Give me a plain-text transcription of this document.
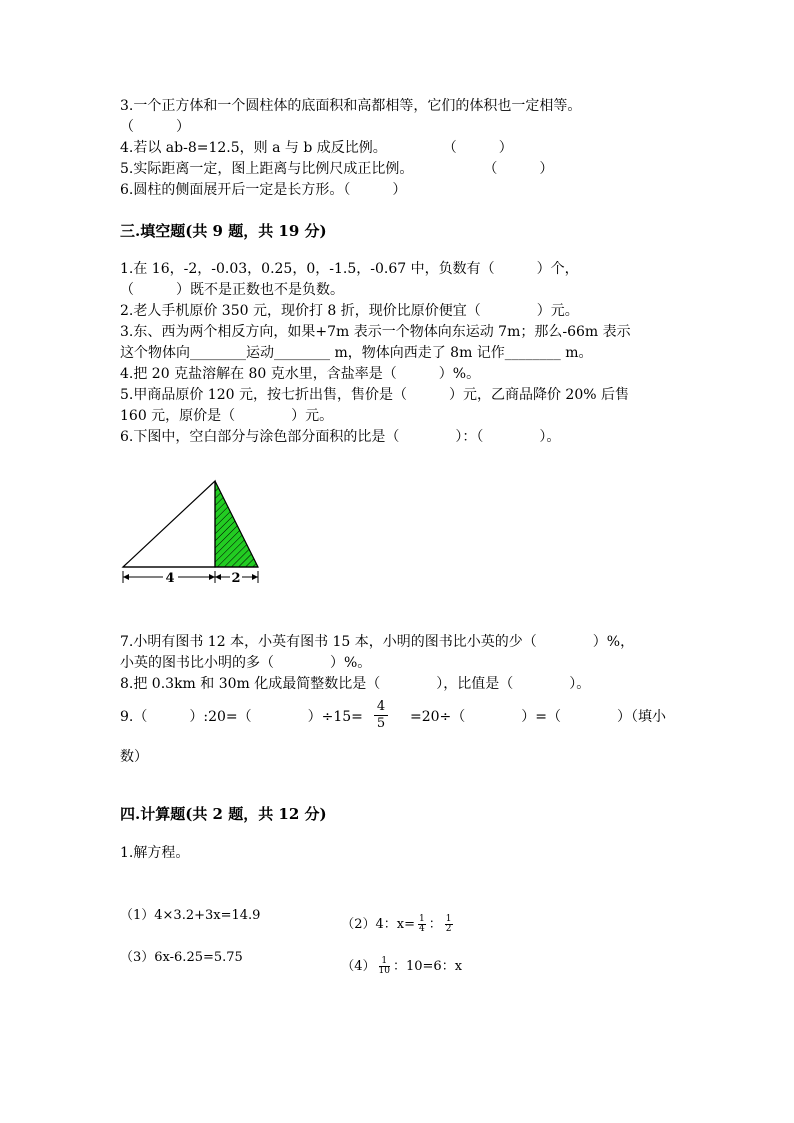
3.一个正方体和一个圆柱体的底面积和高都相等，它们的体积也一定相等。
（　　　）
4.若以 ab-8=12.5，则 a 与 b 成反比例。　　　　　（　　　）
5.实际距离一定，图上距离与比例尺成正比例。　　　　　　（　　　）
6.圆柱的侧面展开后一定是长方形。（　　　）
三.填空题(共 9 题，共 19 分)
1.在 16，-2，-0.03，0.25，0，-1.5，-0.67 中，负数有（　　　）个，
（　　　）既不是正数也不是负数。
2.老人手机原价 350 元，现价打 8 折，现价比原价便宜（　　　　）元。
3.东、西为两个相反方向，如果+7m 表示一个物体向东运动 7m；那么-66m 表示
这个物体向________运动________ m，物体向西走了 8m 记作________ m。
4.把 20 克盐溶解在 80 克水里，含盐率是（　　　）%。
5.甲商品原价 120 元，按七折出售，售价是（　　　）元，乙商品降价 20% 后售
160 元，原价是（　　　　）元。
6.下图中，空白部分与涂色部分面积的比是（　　　　）：（　　　　）。
4	2
7.小明有图书 12 本，小英有图书 15 本，小明的图书比小英的少（　　　　）%，
小英的图书比小明的多（　　　　）%。
8.把 0.3km 和 30m 化成最简整数比是（　　　　），比值是（　　　　）。
9.（　　　）:20=（　　　　）$\div 15= \frac{4}{5} =20\div$（　　　　）=（　　　　）（填小
数）
四.计算题(共 2 题，共 12 分)
1.解方程。
（1）4×3.2+3x=14.9

（2）4：$x= \frac{1}{4}$ ： $\frac{1}{2}$

（3）6x-6.25=5.75

$(4) \frac{1}{10}$ ：10=6：x
